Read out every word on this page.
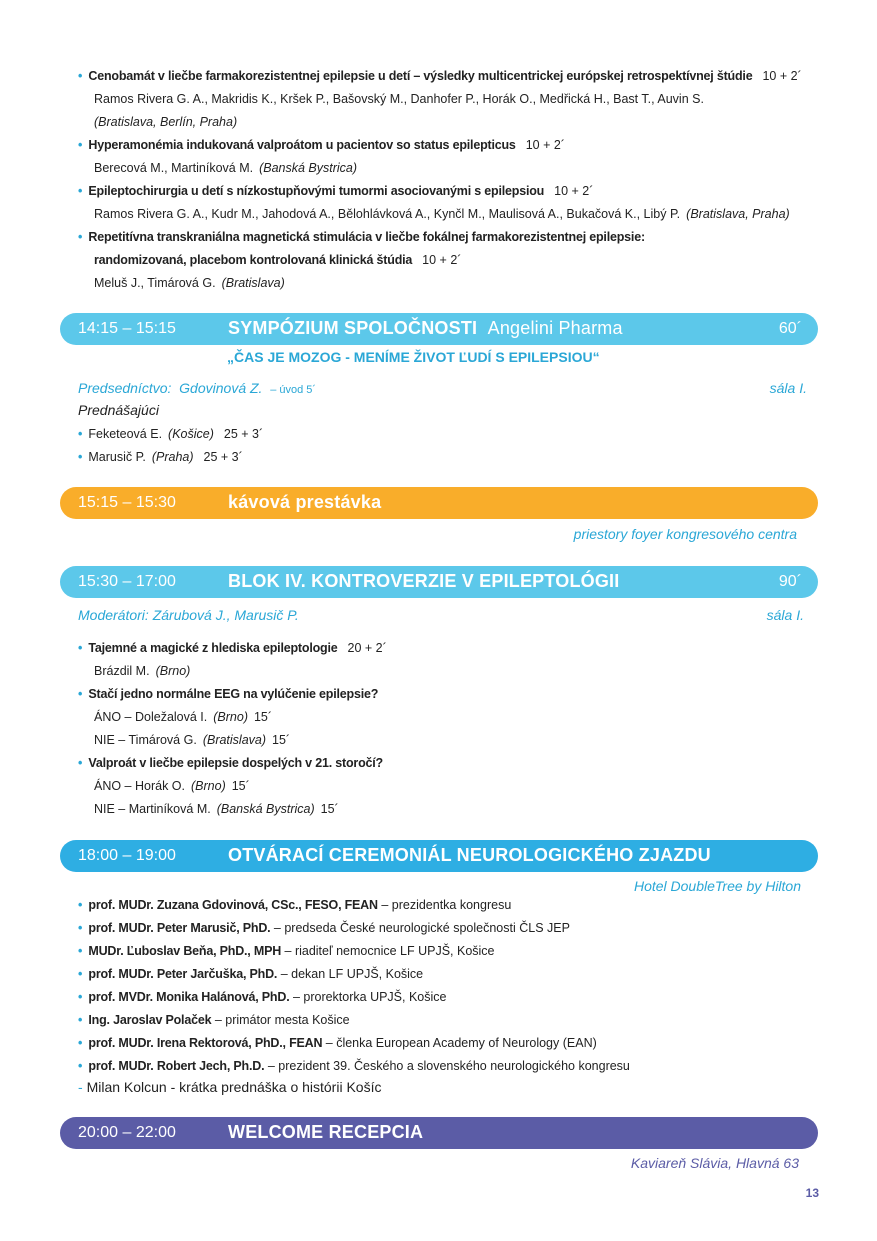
• Cenobamát v liečbe farmakorezistentnej epilepsie u detí – výsledky multicentrickej európskej retrospektívnej štúdie 10 + 2´
Ramos Rivera G. A., Makridis K., Kršek P., Bašovský M., Danhofer P., Horák O., Medřická H., Bast T., Auvin S.
(Bratislava, Berlín, Praha)
• Hyperamonémia indukovaná valproátom u pacientov so status epilepticus 10 + 2´
Berecová M., Martiníková M. (Banská Bystrica)
• Epileptochirurgia u detí s nízkostupňovými tumormi asociovanými s epilepsiou 10 + 2´
Ramos Rivera G. A., Kudr M., Jahodová A., Bělohlávková A., Kynčl M., Maulisová A., Bukačová K., Libý P. (Bratislava, Praha)
• Repetitívna transkraniálna magnetická stimulácia v liečbe fokálnej farmakorezistentnej epilepsie:
randomizovaná, placebom kontrolovaná klinická štúdia 10 + 2´
Meluš J., Timárová G. (Bratislava)
14:15 – 15:15	SYMPÓZIUM SPOLOČNOSTI Angelini Pharma	60´
„ČAS JE MOZOG - MENÍME ŽIVOT ĽUDÍ S EPILEPSIOU“
Predsedníctvo: Gdovinová Z. – úvod 5´	sála I.
Prednášajúci
• Feketeová E. (Košice) 25 + 3´
• Marusič P. (Praha) 25 + 3´
15:15 – 15:30	kávová prestávka
priestory foyer kongresového centra
15:30 – 17:00	BLOK IV. KONTROVERZIE V EPILEPTOLÓGII	90´
Moderátori: Zárubová J., Marusič P.	sála I.
• Tajemné a magické z hlediska epileptologie 20 + 2´
Brázdil M. (Brno)
• Stačí jedno normálne EEG na vylúčenie epilepsie?
ÁNO – Doležalová I. (Brno) 15´
NIE – Timárová G. (Bratislava) 15´
• Valproát v liečbe epilepsie dospelých v 21. storočí?
ÁNO – Horák O. (Brno) 15´
NIE – Martiníková M. (Banská Bystrica) 15´
18:00 – 19:00	OTVÁRACÍ CEREMONIÁL NEUROLOGICKÉHO ZJAZDU
Hotel DoubleTree by Hilton
• prof. MUDr. Zuzana Gdovinová, CSc., FESO, FEAN – prezidentka kongresu
• prof. MUDr. Peter Marusič, PhD. – predseda České neurologické společnosti ČLS JEP
• MUDr. Ľuboslav Beňa, PhD., MPH – riaditeľ nemocnice LF UPJŠ, Košice
• prof. MUDr. Peter Jarčuška, PhD. – dekan LF UPJŠ, Košice
• prof. MVDr. Monika Halánová, PhD. – prorektorka UPJŠ, Košice
• Ing. Jaroslav Polaček – primátor mesta Košice
• prof. MUDr. Irena Rektorová, PhD., FEAN – členka European Academy of Neurology (EAN)
• prof. MUDr. Robert Jech, Ph.D. – prezident 39. Českého a slovenského neurologického kongresu
- Milan Kolcun - krátka prednáška o histórii Košíc
20:00 – 22:00	WELCOME RECEPCIA
Kaviareň Slávia, Hlavná 63
13
